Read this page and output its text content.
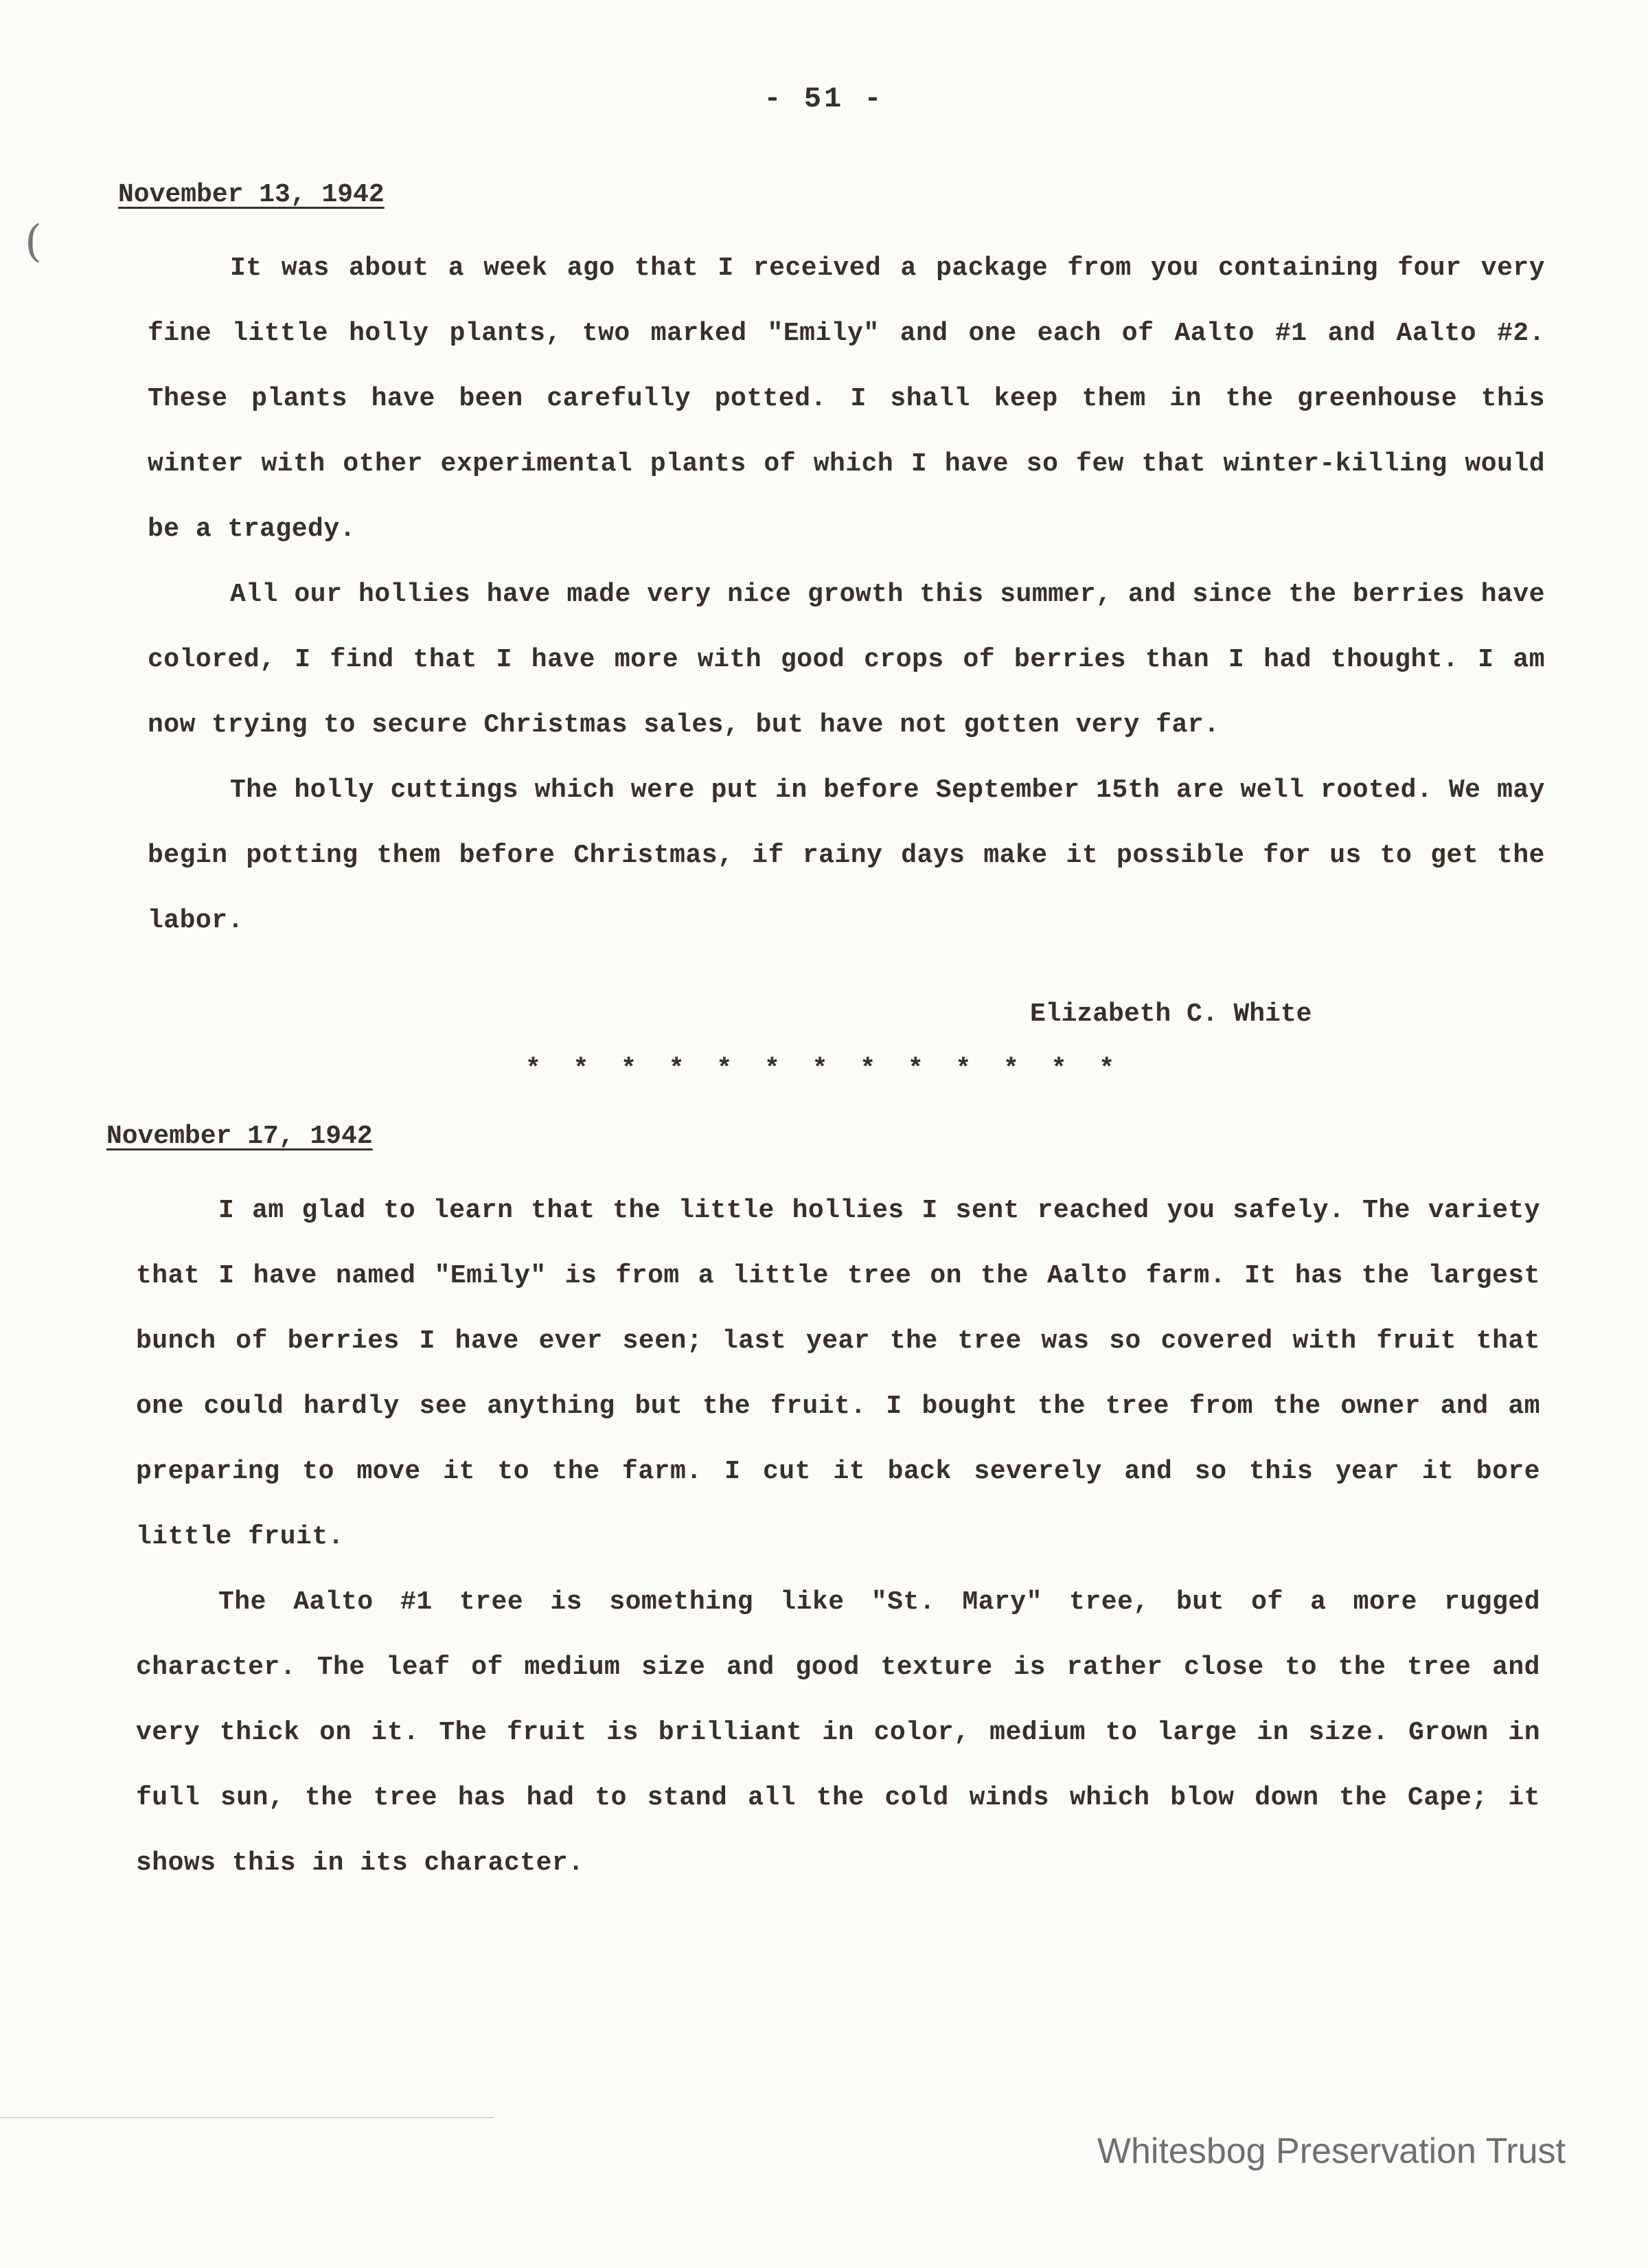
- 51 -
(
November 13, 1942

It was about a week ago that I received a package from you containing four very fine little holly plants, two marked "Emily" and one each of Aalto #1 and Aalto #2. These plants have been carefully potted. I shall keep them in the greenhouse this winter with other experimental plants of which I have so few that winter-killing would be a tragedy.

All our hollies have made very nice growth this summer, and since the berries have colored, I find that I have more with good crops of berries than I had thought. I am now trying to secure Christmas sales, but have not gotten very far.

The holly cuttings which were put in before September 15th are well rooted. We may begin potting them before Christmas, if rainy days make it possible for us to get the labor.

Elizabeth C. White
* * * * * * * * * * * * *
November 17, 1942

I am glad to learn that the little hollies I sent reached you safely. The variety that I have named "Emily" is from a little tree on the Aalto farm. It has the largest bunch of berries I have ever seen; last year the tree was so covered with fruit that one could hardly see anything but the fruit. I bought the tree from the owner and am preparing to move it to the farm. I cut it back severely and so this year it bore little fruit.

The Aalto #1 tree is something like "St. Mary" tree, but of a more rugged character. The leaf of medium size and good texture is rather close to the tree and very thick on it. The fruit is brilliant in color, medium to large in size. Grown in full sun, the tree has had to stand all the cold winds which blow down the Cape; it shows this in its character.

Whitesbog Preservation Trust
